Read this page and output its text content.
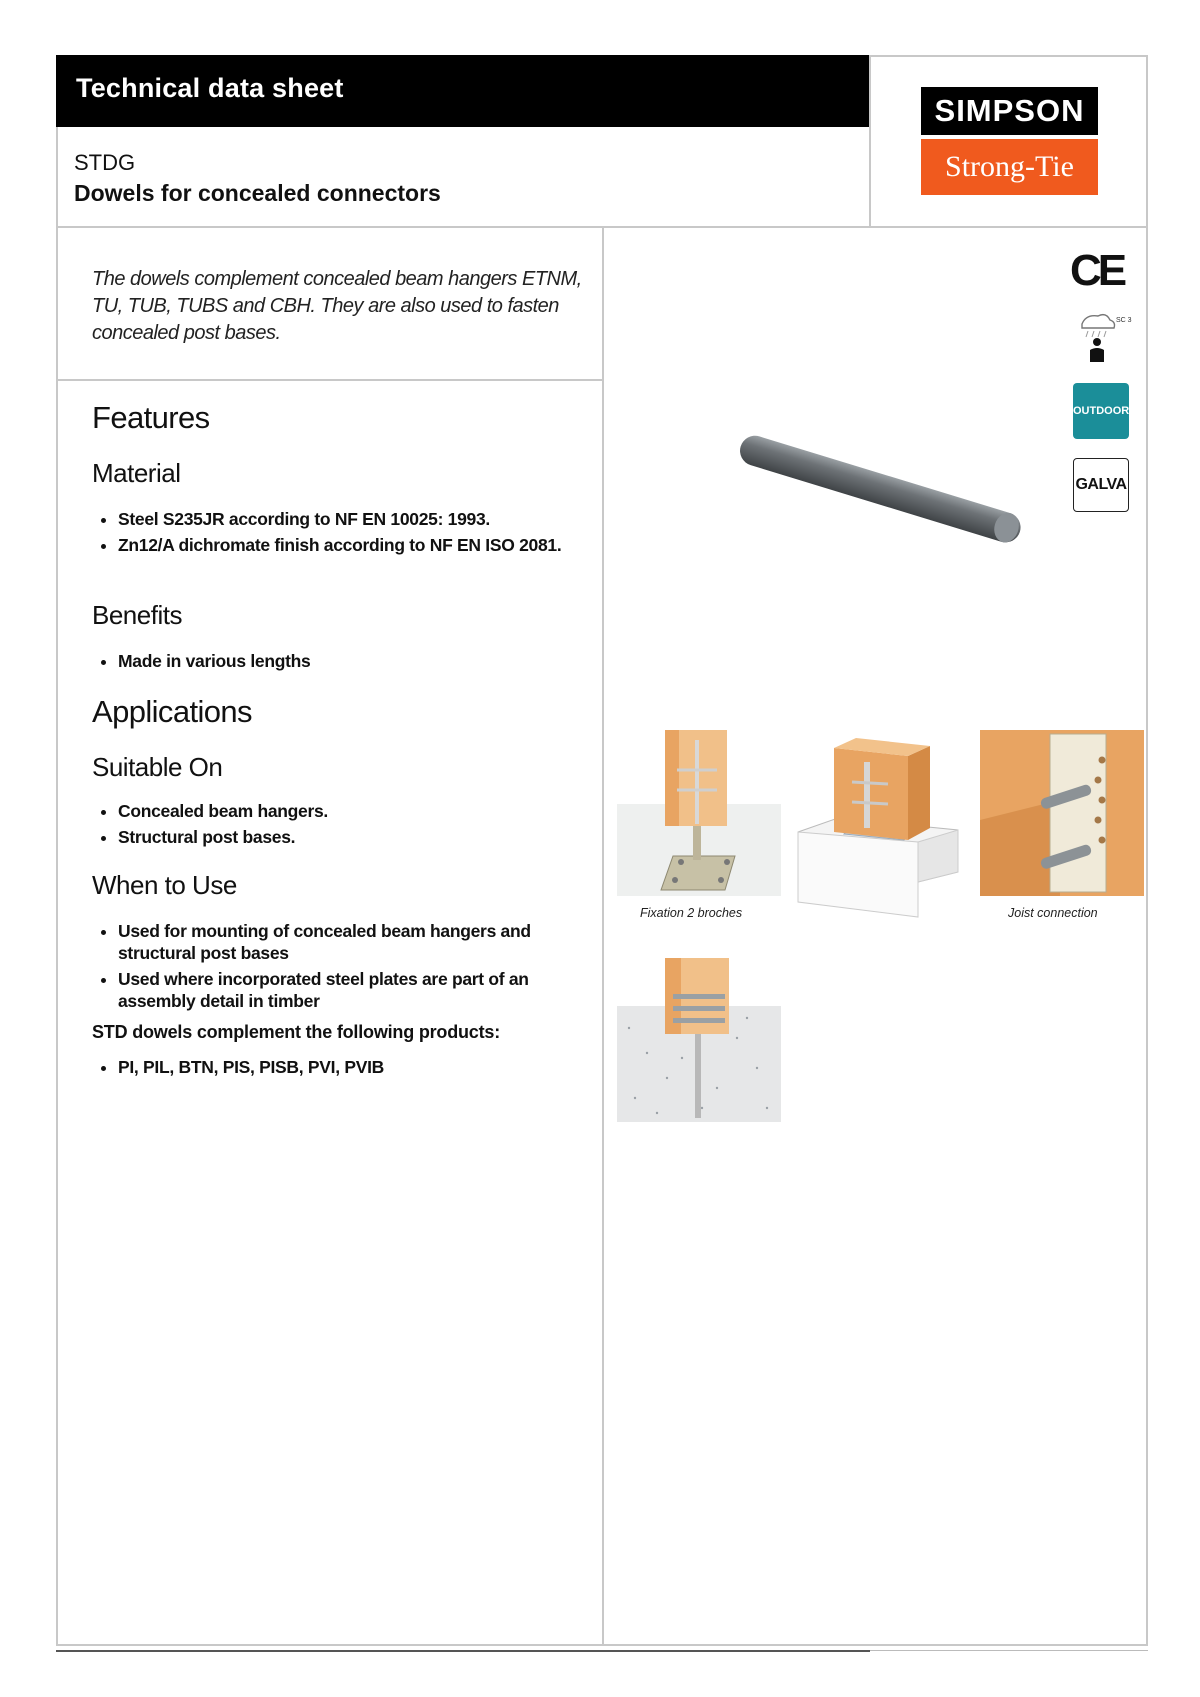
Technical data sheet
STDG
Dowels for concealed connectors
SIMPSON
Strong-Tie
The dowels complement concealed beam hangers ETNM, TU, TUB, TUBS and CBH. They are also used to fasten concealed post bases.
Features
Material
• Steel S235JR according to NF EN 10025: 1993.
• Zn12/A dichromate finish according to NF EN ISO 2081.
Benefits
• Made in various lengths
Applications
Suitable On
• Concealed beam hangers.
• Structural post bases.
When to Use
• Used for mounting of concealed beam hangers and structural post bases
• Used where incorporated steel plates are part of an assembly detail in timber
STD dowels complement the following products:
• PI, PIL, BTN, PIS, PISB, PVI, PVIB
CE
SC 3
OUTDOOR
GALVA
Fixation 2 broches	Joist connection
